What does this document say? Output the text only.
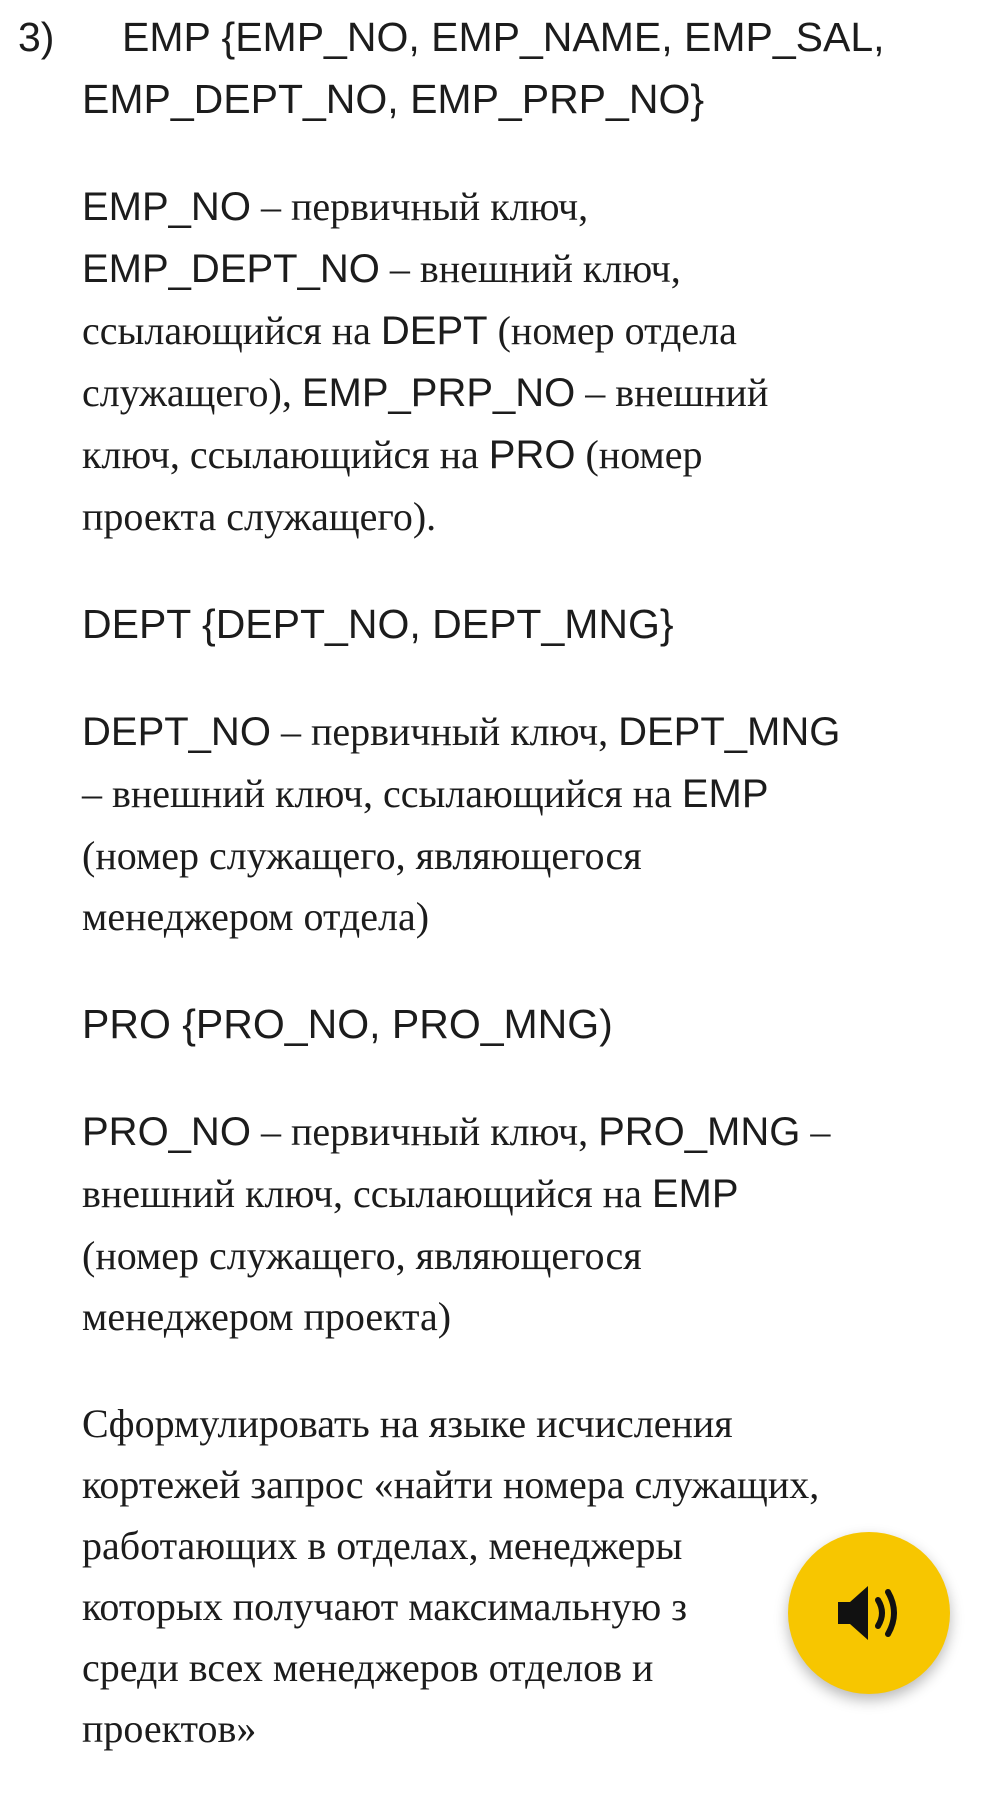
3)	EMP {EMP_NO, EMP_NAME, EMP_SAL,
EMP_DEPT_NO, EMP_PRP_NO}
EMP_NO – первичный ключ,
EMP_DEPT_NO – внешний ключ,
ссылающийся на DEPT (номер отдела
служащего), EMP_PRP_NO – внешний
ключ, ссылающийся на PRO (номер
проекта служащего).
DEPT {DEPT_NO, DEPT_MNG}
DEPT_NO – первичный ключ, DEPT_MNG
– внешний ключ, ссылающийся на EMP
(номер служащего, являющегося
менеджером отдела)
PRO {PRO_NO, PRO_MNG)
PRO_NO – первичный ключ, PRO_MNG –
внешний ключ, ссылающийся на EMP
(номер служащего, являющегося
менеджером проекта)
Сформулировать на языке исчисления
кортежей запрос «найти номера служащих,
работающих в отделах, менеджеры
которых получают максимальную з
среди всех менеджеров отделов и
проектов»
